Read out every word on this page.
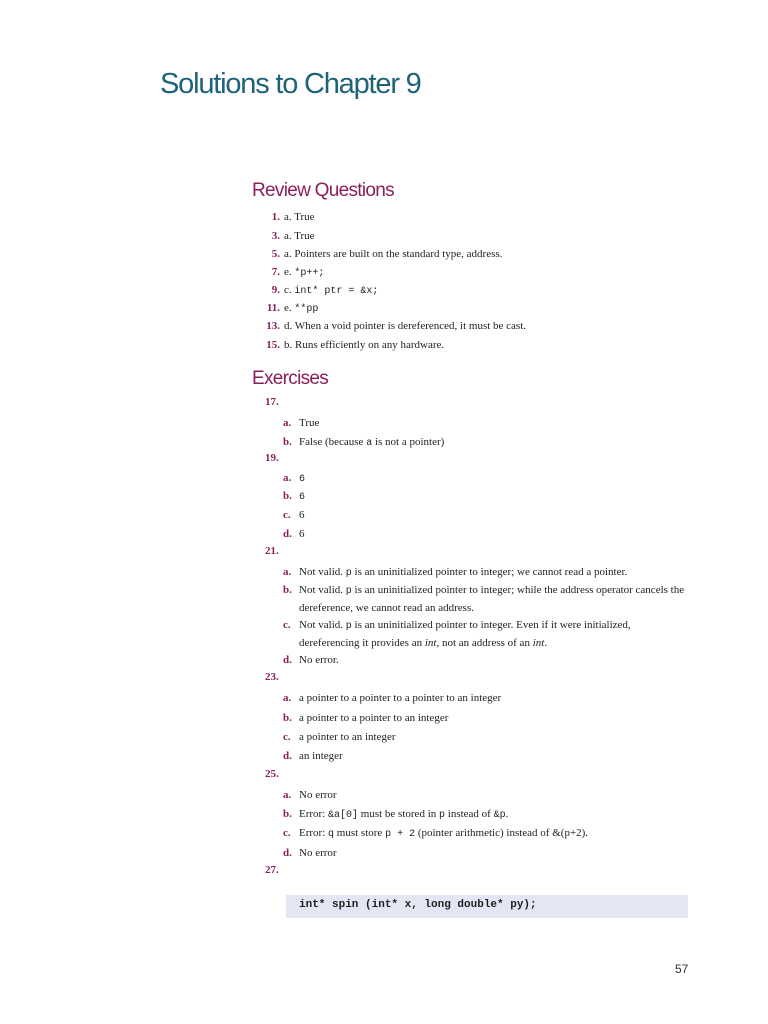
Solutions to Chapter 9
Review Questions
1. a. True
3. a. True
5. a. Pointers are built on the standard type, address.
7. e. *p++;
9. c. int* ptr = &x;
11. e. **pp
13. d. When a void pointer is dereferenced, it must be cast.
15. b. Runs efficiently on any hardware.
Exercises
17.
a. True
b. False (because a is not a pointer)
19.
a. 6
b. 6
c. 6
d. 6
21.
a. Not valid. p is an uninitialized pointer to integer; we cannot read a pointer.
b. Not valid. p is an uninitialized pointer to integer; while the address operator cancels the dereference, we cannot read an address.
c. Not valid. p is an uninitialized pointer to integer. Even if it were initialized, dereferencing it provides an int, not an address of an int.
d. No error.
23.
a. a pointer to a pointer to a pointer to an integer
b. a pointer to a pointer to an integer
c. a pointer to an integer
d. an integer
25.
a. No error
b. Error: &a[0] must be stored in p instead of &p.
c. Error: q must store p + 2 (pointer arithmetic) instead of &(p+2).
d. No error
27.
int* spin (int* x, long double* py);
57
